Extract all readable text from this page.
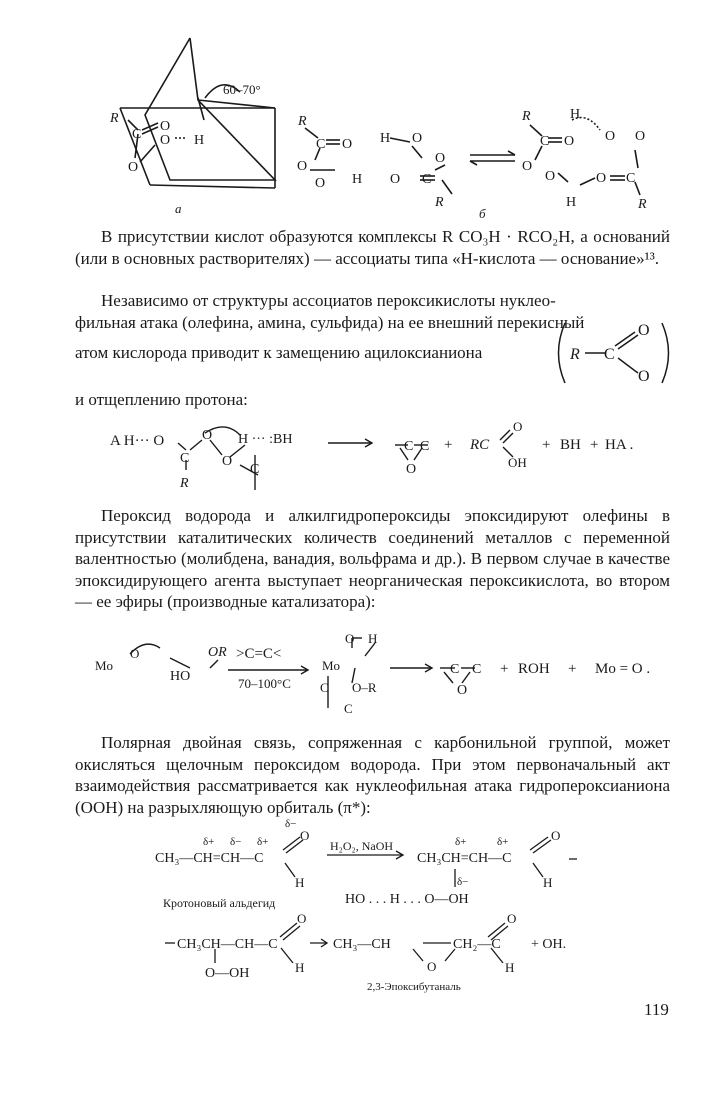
60–70°
R
C
O
O
O H
а
R
C O H O
O
O
O H O C
R
б
R	H
C O O O
O
O	O C
H	R

В присутствии кислот образуются комплексы R CO₃H · RCO₂H, а оснований (или в основных растворителях) — ассоциаты типа «Н-кислота — основание»¹³.

Независимо от структуры ассоциатов пероксикислоты нуклео-

фильная атака (олефина, амина, сульфида) на ее внешний перекисный

атом кислорода приводит к замещению ацилоксианиона	R C
O
O
и отщеплению протона:
A H··· O	O H ··· :BH
C O
C
R
O
C C + RC
O
OH
+ BH + HA .

Пероксид водорода и алкилгидропероксиды эпоксидируют олефины в присутствии каталитических количеств соединений металлов с переменной валентностью (молибдена, ванадия, вольфрама и др.). В первом случае в качестве эпоксидирующего агента выступает неорганическая пероксикислота, во втором — ее эфиры (производные катализатора):

Mo
O
HO
OR >C=C<
70–100°C
Mo
O H
C O–R
C
C C
O
+ ROH + Mo = O .

Полярная двойная связь, сопряженная с карбонильной группой, может окисляться щелочным пероксидом водорода. При этом первоначальный акт взаимодействия рассматривается как нуклеофильная атака гидропероксианиона (OOH) на разрыхляющую орбиталь (π*):

δ−
δ+ δ− δ+ O
CH₃—CH=CH—C
H
H₂O₂, NaOH	δ+	δ+	O
CH₃CH=CH—C
H
δ−
Кротоновый альдегид	HO . . . H . . . O—OH
O
CH₃CH—CH—C
H
O—OH
CH₃—CH	CH₂—C
O
H
O
+ OH.
2,3-Эпоксибутаналь
119
